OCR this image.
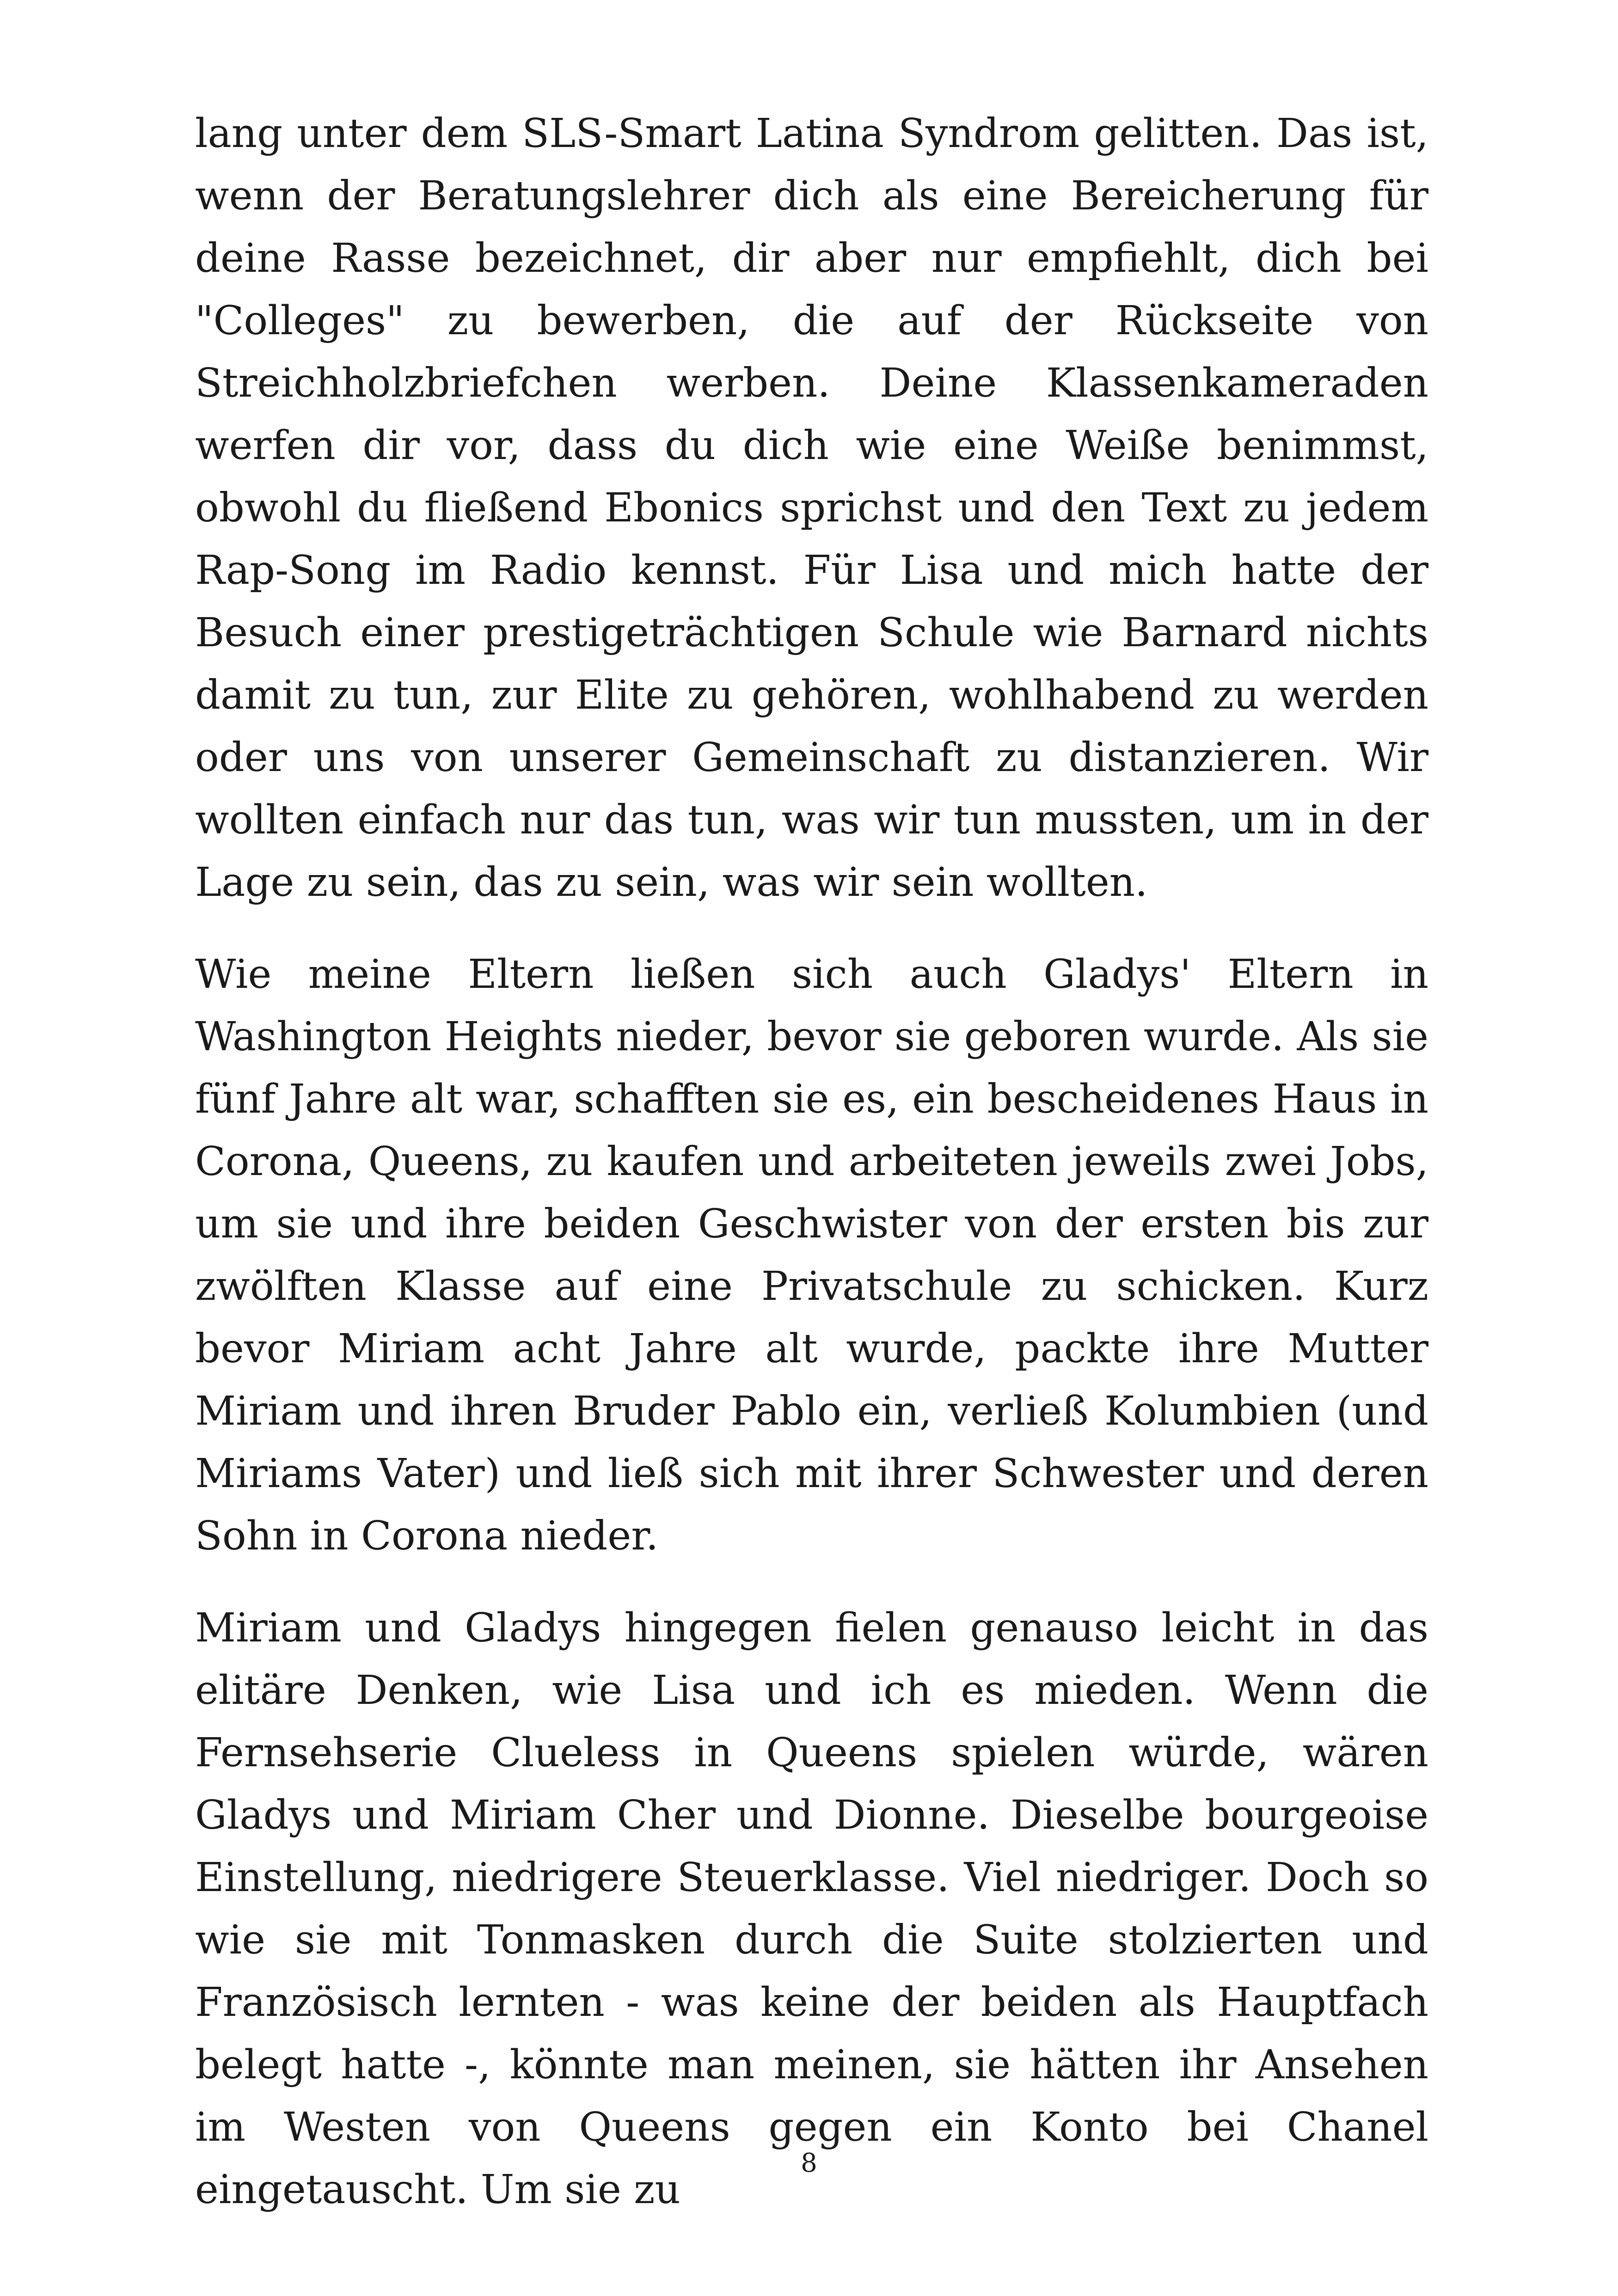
lang unter dem SLS-Smart Latina Syndrom gelitten. Das ist, wenn der Beratungslehrer dich als eine Bereicherung für deine Rasse bezeichnet, dir aber nur empfiehlt, dich bei "Colleges" zu bewerben, die auf der Rückseite von Streichholzbriefchen werben. Deine Klassenkameraden werfen dir vor, dass du dich wie eine Weiße benimmst, obwohl du fließend Ebonics sprichst und den Text zu jedem Rap-Song im Radio kennst. Für Lisa und mich hatte der Besuch einer prestigeträchtigen Schule wie Barnard nichts damit zu tun, zur Elite zu gehören, wohlhabend zu werden oder uns von unserer Gemeinschaft zu distanzieren. Wir wollten einfach nur das tun, was wir tun mussten, um in der Lage zu sein, das zu sein, was wir sein wollten.

Wie meine Eltern ließen sich auch Gladys' Eltern in Washington Heights nieder, bevor sie geboren wurde. Als sie fünf Jahre alt war, schafften sie es, ein bescheidenes Haus in Corona, Queens, zu kaufen und arbeiteten jeweils zwei Jobs, um sie und ihre beiden Geschwister von der ersten bis zur zwölften Klasse auf eine Privatschule zu schicken. Kurz bevor Miriam acht Jahre alt wurde, packte ihre Mutter Miriam und ihren Bruder Pablo ein, verließ Kolumbien (und Miriams Vater) und ließ sich mit ihrer Schwester und deren Sohn in Corona nieder.

Miriam und Gladys hingegen fielen genauso leicht in das elitäre Denken, wie Lisa und ich es mieden. Wenn die Fernsehserie Clueless in Queens spielen würde, wären Gladys und Miriam Cher und Dionne. Dieselbe bourgeoise Einstellung, niedrigere Steuerklasse. Viel niedriger. Doch so wie sie mit Tonmasken durch die Suite stolzierten und Französisch lernten - was keine der beiden als Hauptfach belegt hatte -, könnte man meinen, sie hätten ihr Ansehen im Westen von Queens gegen ein Konto bei Chanel eingetauscht. Um sie zu

8
